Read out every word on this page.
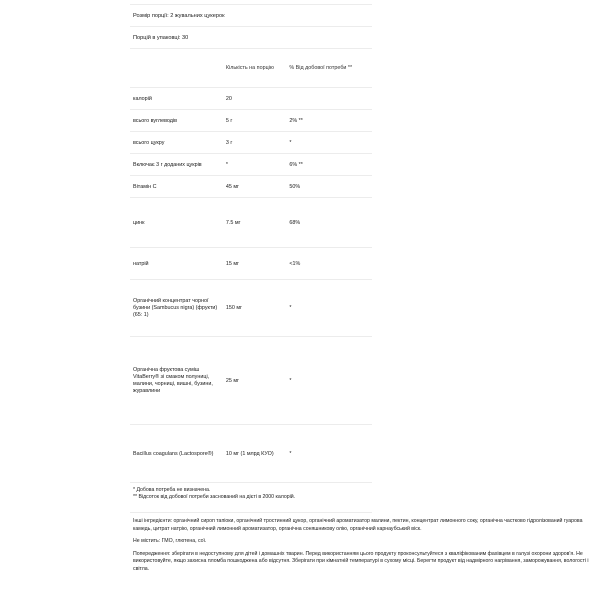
Розмір порції: 2 жувальних цукерок
Порцій в упаковці: 30
	Кількість на порцію	% Від добової потреби **
калорій	20	
всього вуглеводів	5 г	2% **
всього цукру	3 г	*
Включає 3 г доданих цукрів	*	6% **
Вітамін C	45 мг	50%
цинк	7.5 мг	68%
натрій	15 мг	<1%
Органічний концентрат чорної бузини (Sambucus nigra) (фрукти) (65: 1)	150 мг	*
Органічна фруктова суміш VitaBerry® зі смаком полуниці, малини, чорниці, вишні, бузини, журавлини	25 мг	*
Bacillus coagulans (Lactospore®)	10 мг (1 млрд КУО)	*
* Добова потреба не визначена.
** Відсоток від добової потреби заснований на дієті в 2000 калорій.

Інші інгредієнти: органічний сироп тапіоки, органічний тростинний цукор, органічний ароматизатор малини, пектин, концентрат лимонного соку, органічна частково гідролізований гуарова камедь, цитрат натрію, органічний лимонний ароматизатор, органічна соняшникову олію, органічний карнаубський віск.

Не містить: ГМО, глютена, сої.

Попередження: зберігати в недоступному для дітей і домашніх тварин. Перед використанням цього продукту проконсультуйтеся з кваліфікованим фахівцем в галузі охорони здоров'я. Не використовуйте, якщо захисна пломба пошкоджена або відсутня. Зберігати при кімнатній температурі в сухому місці. Берегти продукт від надмірного нагрівання, заморожування, вологості і світла.
